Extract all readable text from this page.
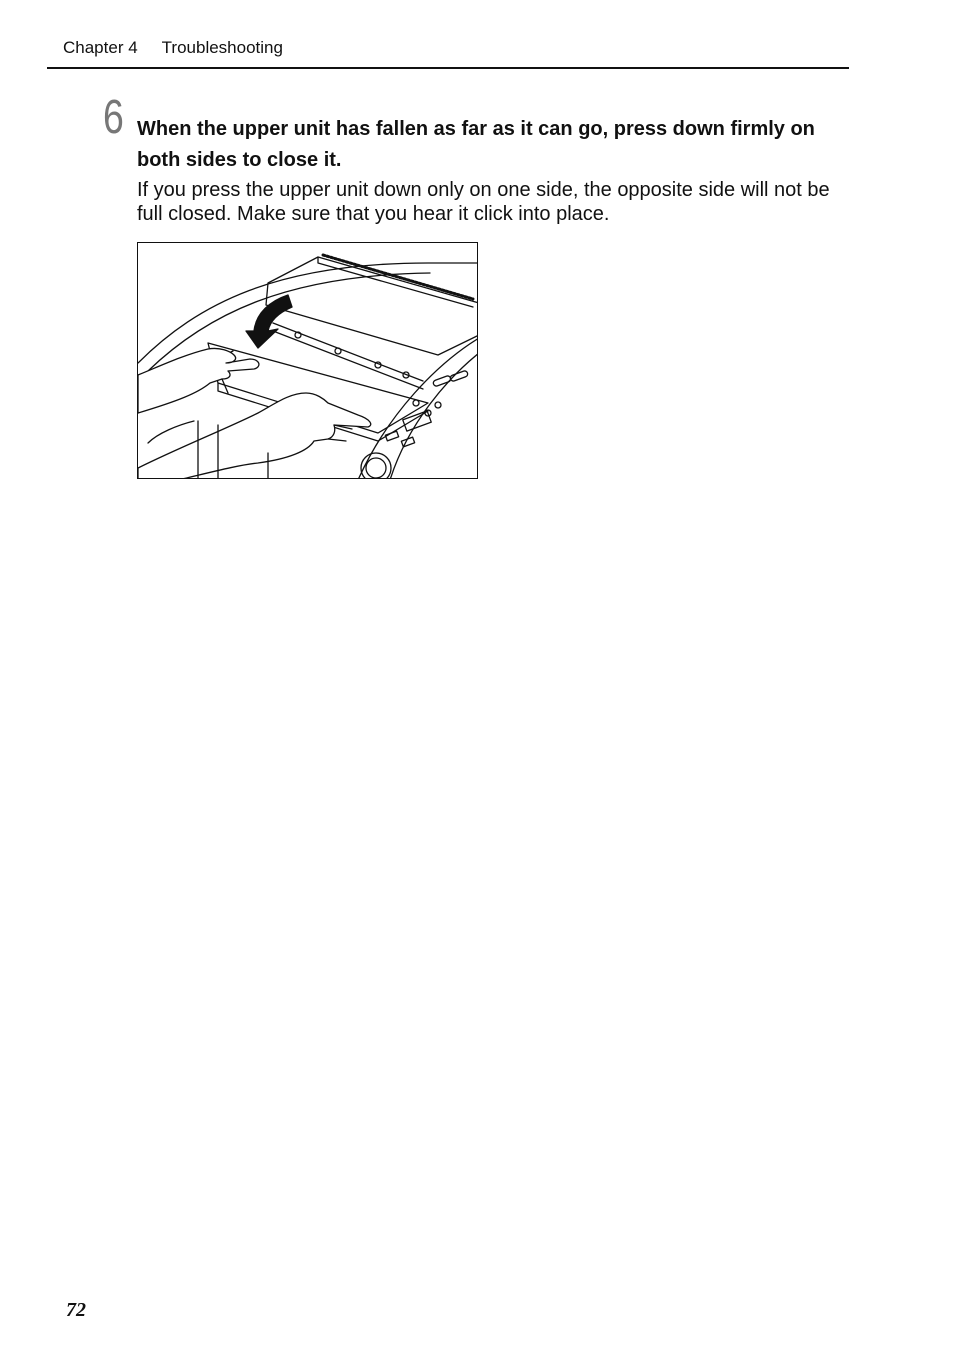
Chapter 4 Troubleshooting
6 When the upper unit has fallen as far as it can go, press down firmly on both sides to close it.
If you press the upper unit down only on one side, the opposite side will not be full closed. Make sure that you hear it click into place.
72
